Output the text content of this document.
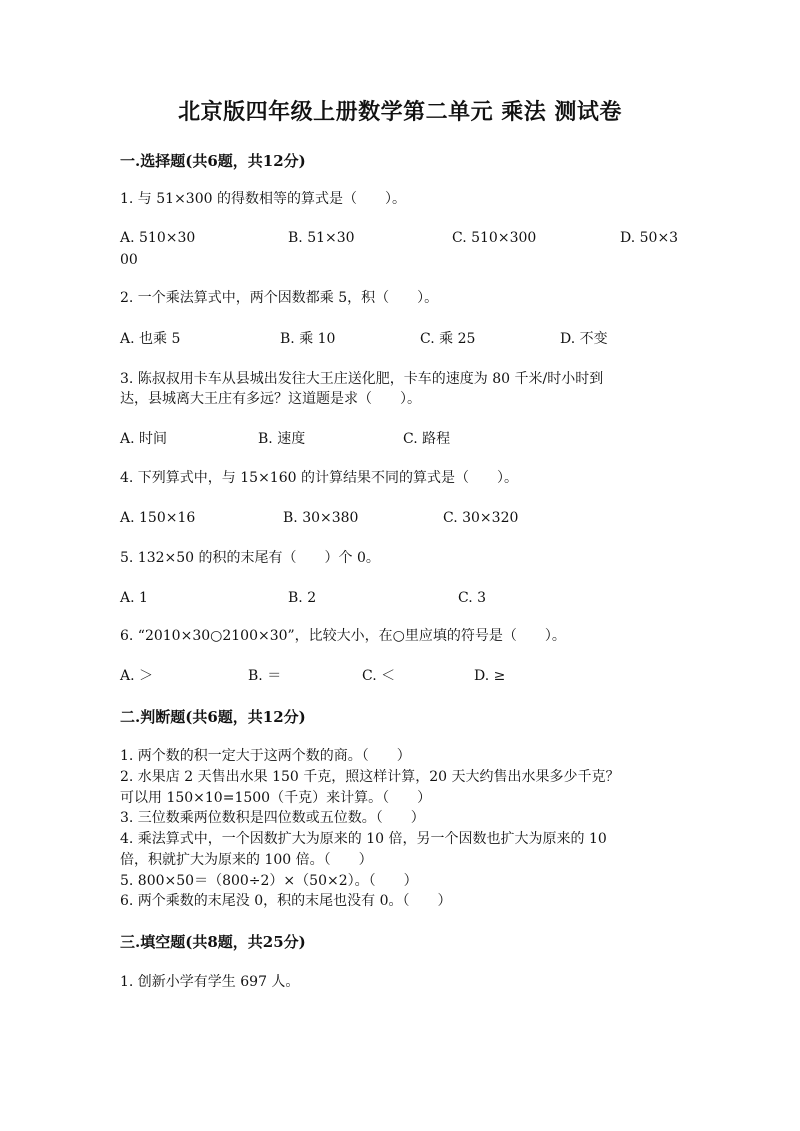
北京版四年级上册数学第二单元 乘法 测试卷
一.选择题(共6题，共12分)
1. 与 51×300 的得数相等的算式是（　　）。
A. 510×30	B. 51×30	C. 510×300	D. 50×3
00
2. 一个乘法算式中，两个因数都乘 5，积（　　）。
A. 也乘 5	B. 乘 10	C. 乘 25	D. 不变
3. 陈叔叔用卡车从县城出发往大王庄送化肥，卡车的速度为 80 千米/时小时到
达，县城离大王庄有多远？这道题是求（　　）。
A. 时间	B. 速度	C. 路程
4. 下列算式中，与 15×160 的计算结果不同的算式是（　　）。
A. 150×16	B. 30×380	C. 30×320
5. 132×50 的积的末尾有（　　）个 0。
A. 1	B. 2	C. 3
6. “2010×30○2100×30”，比较大小，在○里应填的符号是（　　）。
A. ＞	B. ＝	C. ＜	D. ≥
二.判断题(共6题，共12分)
1. 两个数的积一定大于这两个数的商。（　　）
2. 水果店 2 天售出水果 150 千克，照这样计算，20 天大约售出水果多少千克？
可以用 150×10=1500（千克）来计算。（　　）
3. 三位数乘两位数积是四位数或五位数。（　　）
4. 乘法算式中，一个因数扩大为原来的 10 倍，另一个因数也扩大为原来的 10
倍，积就扩大为原来的 100 倍。（　　）
5. 800×50＝（800÷2）×（50×2）。（　　）
6. 两个乘数的末尾没 0，积的末尾也没有 0。（　　）
三.填空题(共8题，共25分)
1. 创新小学有学生 697 人。
